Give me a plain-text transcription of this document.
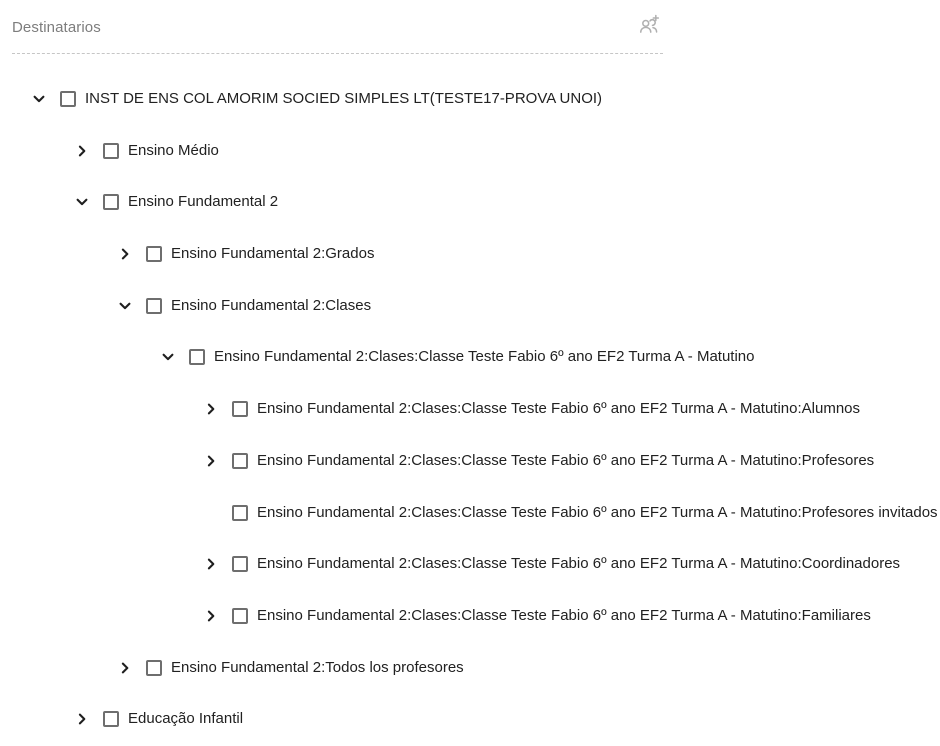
Destinatarios
INST DE ENS COL AMORIM SOCIED SIMPLES LT(TESTE17-PROVA UNOI)
Ensino Médio
Ensino Fundamental 2
Ensino Fundamental 2:Grados
Ensino Fundamental 2:Clases
Ensino Fundamental 2:Clases:Classe Teste Fabio 6º ano EF2 Turma A - Matutino
Ensino Fundamental 2:Clases:Classe Teste Fabio 6º ano EF2 Turma A - Matutino:Alumnos
Ensino Fundamental 2:Clases:Classe Teste Fabio 6º ano EF2 Turma A - Matutino:Profesores
Ensino Fundamental 2:Clases:Classe Teste Fabio 6º ano EF2 Turma A - Matutino:Profesores invitados
Ensino Fundamental 2:Clases:Classe Teste Fabio 6º ano EF2 Turma A - Matutino:Coordinadores
Ensino Fundamental 2:Clases:Classe Teste Fabio 6º ano EF2 Turma A - Matutino:Familiares
Ensino Fundamental 2:Todos los profesores
Educação Infantil
